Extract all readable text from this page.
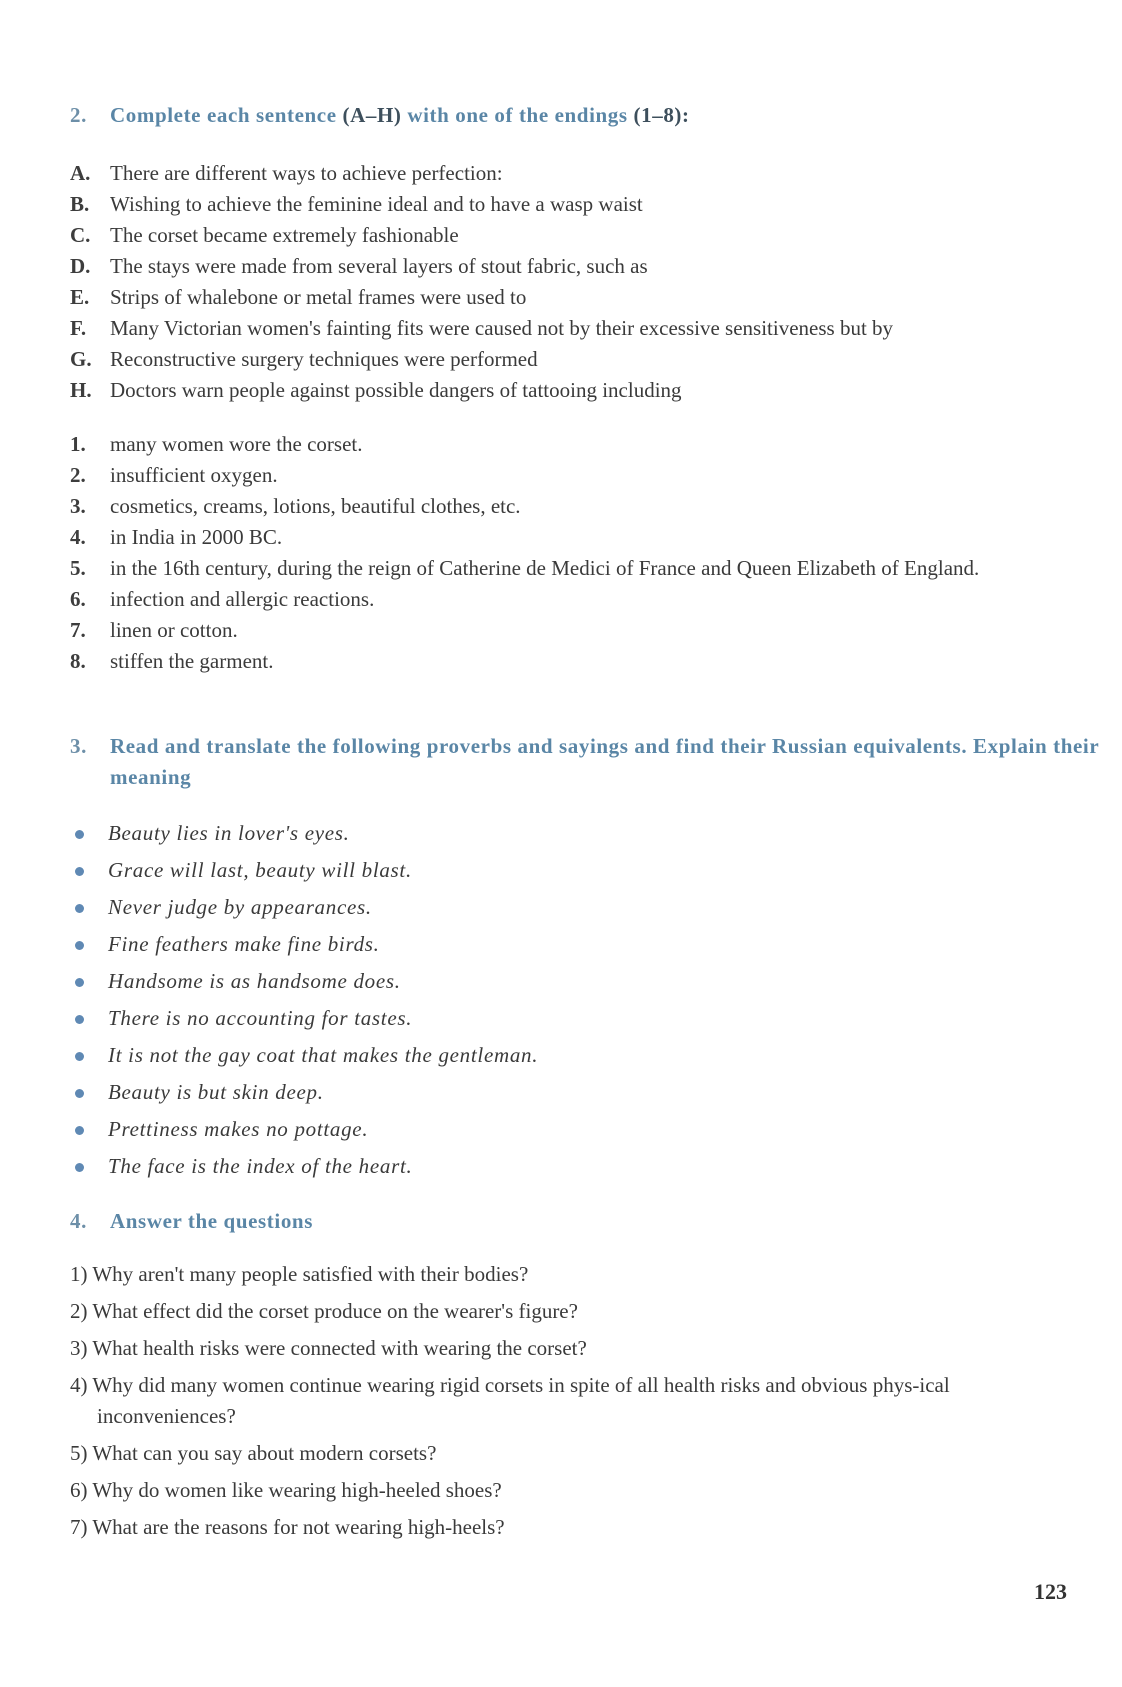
2. Complete each sentence (A–H) with one of the endings (1–8):
A. There are different ways to achieve perfection:
B. Wishing to achieve the feminine ideal and to have a wasp waist
C. The corset became extremely fashionable
D. The stays were made from several layers of stout fabric, such as
E. Strips of whalebone or metal frames were used to
F. Many Victorian women's fainting fits were caused not by their excessive sensitiveness but by
G. Reconstructive surgery techniques were performed
H. Doctors warn people against possible dangers of tattooing including
1. many women wore the corset.
2. insufficient oxygen.
3. cosmetics, creams, lotions, beautiful clothes, etc.
4. in India in 2000 BC.
5. in the 16th century, during the reign of Catherine de Medici of France and Queen Elizabeth of England.
6. infection and allergic reactions.
7. linen or cotton.
8. stiffen the garment.
3. Read and translate the following proverbs and sayings and find their Russian equivalents. Explain their meaning
Beauty lies in lover's eyes.
Grace will last, beauty will blast.
Never judge by appearances.
Fine feathers make fine birds.
Handsome is as handsome does.
There is no accounting for tastes.
It is not the gay coat that makes the gentleman.
Beauty is but skin deep.
Prettiness makes no pottage.
The face is the index of the heart.
4. Answer the questions
1) Why aren't many people satisfied with their bodies?
2) What effect did the corset produce on the wearer's figure?
3) What health risks were connected with wearing the corset?
4) Why did many women continue wearing rigid corsets in spite of all health risks and obvious phys-ical inconveniences?
5) What can you say about modern corsets?
6) Why do women like wearing high-heeled shoes?
7) What are the reasons for not wearing high-heels?
123
